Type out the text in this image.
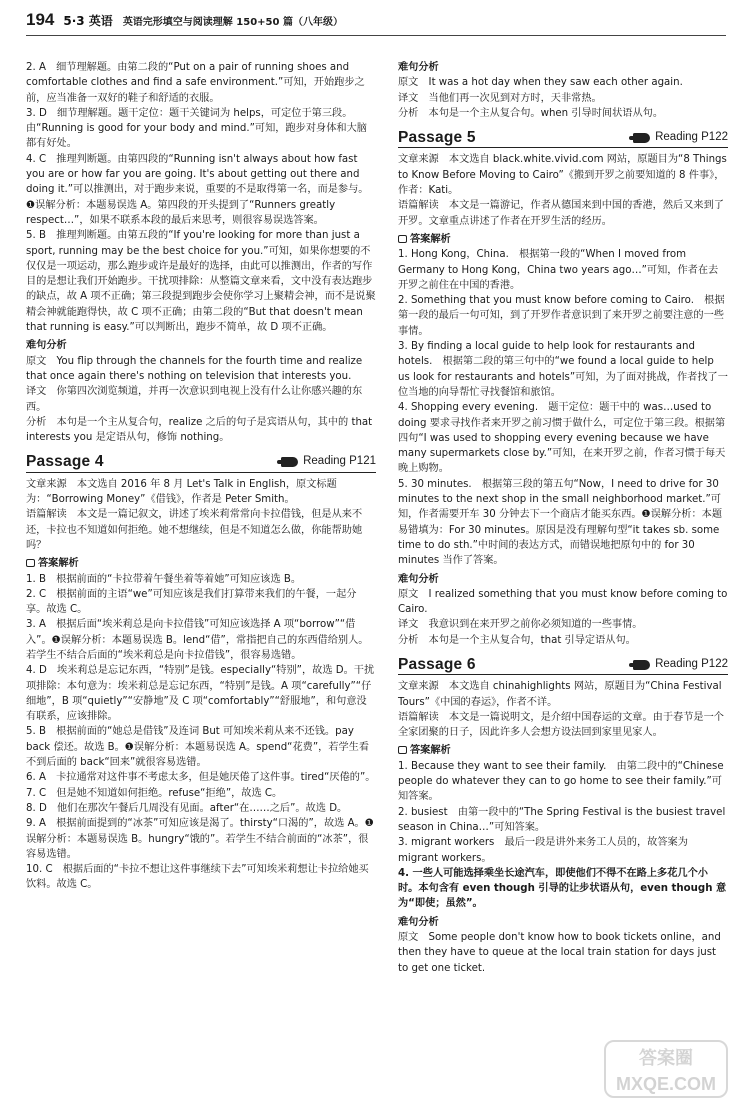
194 5·3 英语 英语完形填空与阅读理解 150+50 篇（八年级）

2. A　细节理解题。由第二段的“Put on a pair of running shoes and comfortable clothes and find a safe environment.”可知，开始跑步之前，应当准备一双好的鞋子和舒适的衣服。

3. D　细节理解题。题干定位：题干关键词为 helps，可定位于第三段。由“Running is good for your body and mind.”可知，跑步对身体和大脑都有好处。

4. C　推理判断题。由第四段的“Running isn't always about how fast you are or how far you are going. It's about getting out there and doing it.”可以推测出，对于跑步来说，重要的不是取得第一名，而是参与。❶误解分析：本题易误选 A。第四段的开头提到了“Runners greatly respect…”，如果不联系本段的最后来思考，则很容易误选答案。

5. B　推理判断题。由第五段的“If you're looking for more than just a sport, running may be the best choice for you.”可知，如果你想要的不仅仅是一项运动，那么跑步或许是最好的选择，由此可以推测出，作者的写作目的是想让我们开始跑步。干扰项排除：从整篇文章来看，文中没有表达跑步的缺点，故 A 项不正确；第三段提到跑步会使你学习上聚精会神，而不是说聚精会神就能跑得快，故 C 项不正确；由第二段的“But that doesn't mean that running is easy.”可以判断出，跑步不简单，故 D 项不正确。

难句分析

原文　You flip through the channels for the fourth time and realize that once again there's nothing on television that interests you.

译文　你第四次浏览频道，并再一次意识到电视上没有什么让你感兴趣的东西。

分析　本句是一个主从复合句，realize 之后的句子是宾语从句，其中的 that interests you 是定语从句，修饰 nothing。

Passage 4	Reading P121

文章来源　本文选自 2016 年 8 月 Let's Talk in English，原文标题为：“Borrowing Money”《借钱》，作者是 Peter Smith。

语篇解读　本文是一篇记叙文，讲述了埃米莉常常向卡拉借钱，但是从来不还，卡拉也不知道如何拒绝。她不想继续，但是不知道怎么做，你能帮助她吗？

答案解析

1. B　根据前面的“卡拉带着午餐坐着等着她”可知应该选 B。

2. C　根据前面的主语“we”可知应该是我们打算带来我们的午餐，一起分享。故选 C。

3. A　根据后面“埃米莉总是向卡拉借钱”可知应该选择 A 项“borrow”“借入”。❶误解分析：本题易误选 B。lend“借”，常指把自己的东西借给别人。若学生不结合后面的“埃米莉总是向卡拉借钱”，很容易选错。

4. D　埃米莉总是忘记东西，“特别”是钱。especially“特别”，故选 D。干扰项排除：本句意为：埃米莉总是忘记东西，“特别”是钱。A 项“carefully”“仔细地”，B 项“quietly”“安静地”及 C 项“comfortably”“舒服地”，和句意没有联系，应该排除。

5. B　根据前面的“她总是借钱”及连词 But 可知埃米莉从来不还钱。pay back 偿还。故选 B。❶误解分析：本题易误选 A。spend“花费”，若学生看不到后面的 back“回来”就很容易选错。

6. A　卡拉通常对这件事不考虑太多，但是她厌倦了这件事。tired“厌倦的”。

7. C　但是她不知道如何拒绝。refuse“拒绝”，故选 C。

8. D　他们在那次午餐后几周没有见面。after“在……之后”。故选 D。

9. A　根据前面提到的“冰茶”可知应该是渴了。thirsty“口渴的”，故选 A。❶误解分析：本题易误选 B。hungry“饿的”。若学生不结合前面的“冰茶”，很容易选错。

10. C　根据后面的“卡拉不想让这件事继续下去”可知埃米莉想让卡拉给她买饮料。故选 C。

难句分析

原文　It was a hot day when they saw each other again.

译文　当他们再一次见到对方时，天非常热。

分析　本句是一个主从复合句。when 引导时间状语从句。

Passage 5	Reading P122

文章来源　本文选自 black.white.vivid.com 网站，原题目为“8 Things to Know Before Moving to Cairo”《搬到开罗之前要知道的 8 件事》，作者：Kati。

语篇解读　本文是一篇游记，作者从德国来到中国的香港，然后又来到了开罗。文章重点讲述了作者在开罗生活的经历。

答案解析

1. Hong Kong，China.　根据第一段的“When I moved from Germany to Hong Kong，China two years ago…”可知，作者在去开罗之前住在中国的香港。

2. Something that you must know before coming to Cairo.　根据第一段的最后一句可知，到了开罗作者意识到了来开罗之前要注意的一些事情。

3. By finding a local guide to help look for restaurants and hotels.　根据第二段的第三句中的“we found a local guide to help us look for restaurants and hotels”可知，为了面对挑战，作者找了一位当地的向导帮忙寻找餐馆和旅馆。

4. Shopping every evening.　题干定位：题干中的 was…used to doing 要求寻找作者来开罗之前习惯于做什么，可定位于第三段。根据第四句“I was used to shopping every evening because we have many supermarkets close by.”可知，在来开罗之前，作者习惯于每天晚上购物。

5. 30 minutes.　根据第三段的第五句“Now，I need to drive for 30 minutes to the next shop in the small neighborhood market.”可知，作者需要开车 30 分钟去下一个商店才能买东西。❶误解分析：本题易错填为：For 30 minutes。原因是没有理解句型“it takes sb. some time to do sth.”中时间的表达方式，而错误地把原句中的 for 30 minutes 当作了答案。

难句分析

原文　I realized something that you must know before coming to Cairo.

译文　我意识到在来开罗之前你必须知道的一些事情。

分析　本句是一个主从复合句，that 引导定语从句。

Passage 6	Reading P122

文章来源　本文选自 chinahighlights 网站，原题目为“China Festival Tours”《中国的春运》，作者不详。

语篇解读　本文是一篇说明文，是介绍中国春运的文章。由于春节是一个全家团聚的日子，因此许多人会想方设法回到家里见家人。

答案解析

1. Because they want to see their family.　由第二段中的“Chinese people do whatever they can to go home to see their family.”可知答案。

2. busiest　由第一段中的“The Spring Festival is the busiest travel season in China…”可知答案。

3. migrant workers　最后一段是讲外来务工人员的，故答案为 migrant workers。

4. 一些人可能选择乘坐长途汽车，即使他们不得不在路上多花几个小时。本句含有 even though 引导的让步状语从句，even though 意为“即使；虽然”。

难句分析

原文　Some people don't know how to book tickets online，and then they have to queue at the local train station for days just to get one ticket.

答案圈 MXQE.COM
